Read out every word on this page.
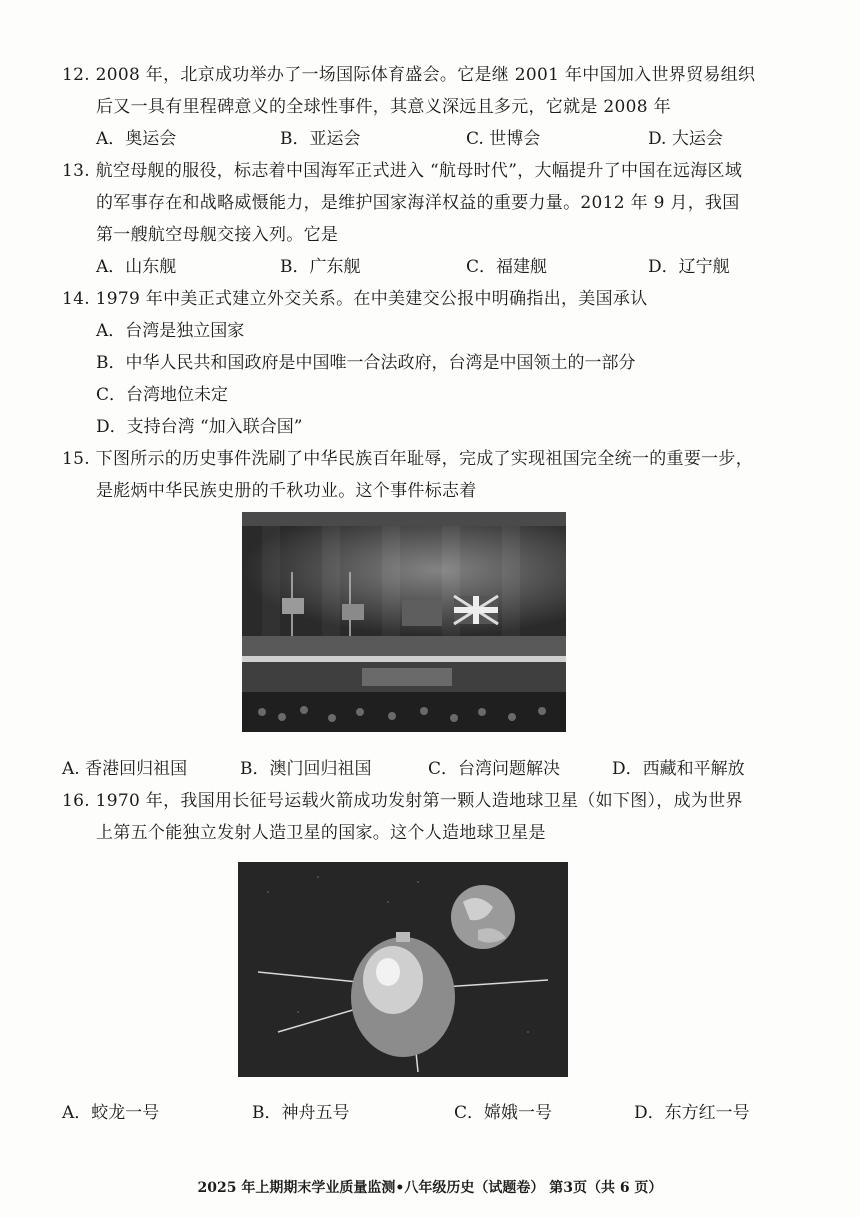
12. 2008 年，北京成功举办了一场国际体育盛会。它是继 2001 年中国加入世界贸易组织
后又一具有里程碑意义的全球性事件，其意义深远且多元，它就是 2008 年
A．奥运会	B．亚运会	C. 世博会	D. 大运会
13. 航空母舰的服役，标志着中国海军正式进入 “航母时代”，大幅提升了中国在远海区域
的军事存在和战略威慑能力，是维护国家海洋权益的重要力量。2012 年 9 月，我国
第一艘航空母舰交接入列。它是
A．山东舰	B．广东舰	C．福建舰	D．辽宁舰
14. 1979 年中美正式建立外交关系。在中美建交公报中明确指出，美国承认
A．台湾是独立国家
B．中华人民共和国政府是中国唯一合法政府，台湾是中国领土的一部分
C．台湾地位未定
D．支持台湾 “加入联合国”
15. 下图所示的历史事件洗刷了中华民族百年耻辱，完成了实现祖国完全统一的重要一步，
是彪炳中华民族史册的千秋功业。这个事件标志着
A. 香港回归祖国	B．澳门回归祖国	C．台湾问题解决	D．西藏和平解放
16. 1970 年，我国用长征号运载火箭成功发射第一颗人造地球卫星（如下图），成为世界
上第五个能独立发射人造卫星的国家。这个人造地球卫星是
A．蛟龙一号	B．神舟五号	C．嫦娥一号	D．东方红一号
2025 年上期期末学业质量监测•八年级历史（试题卷） 第3页（共 6 页）
